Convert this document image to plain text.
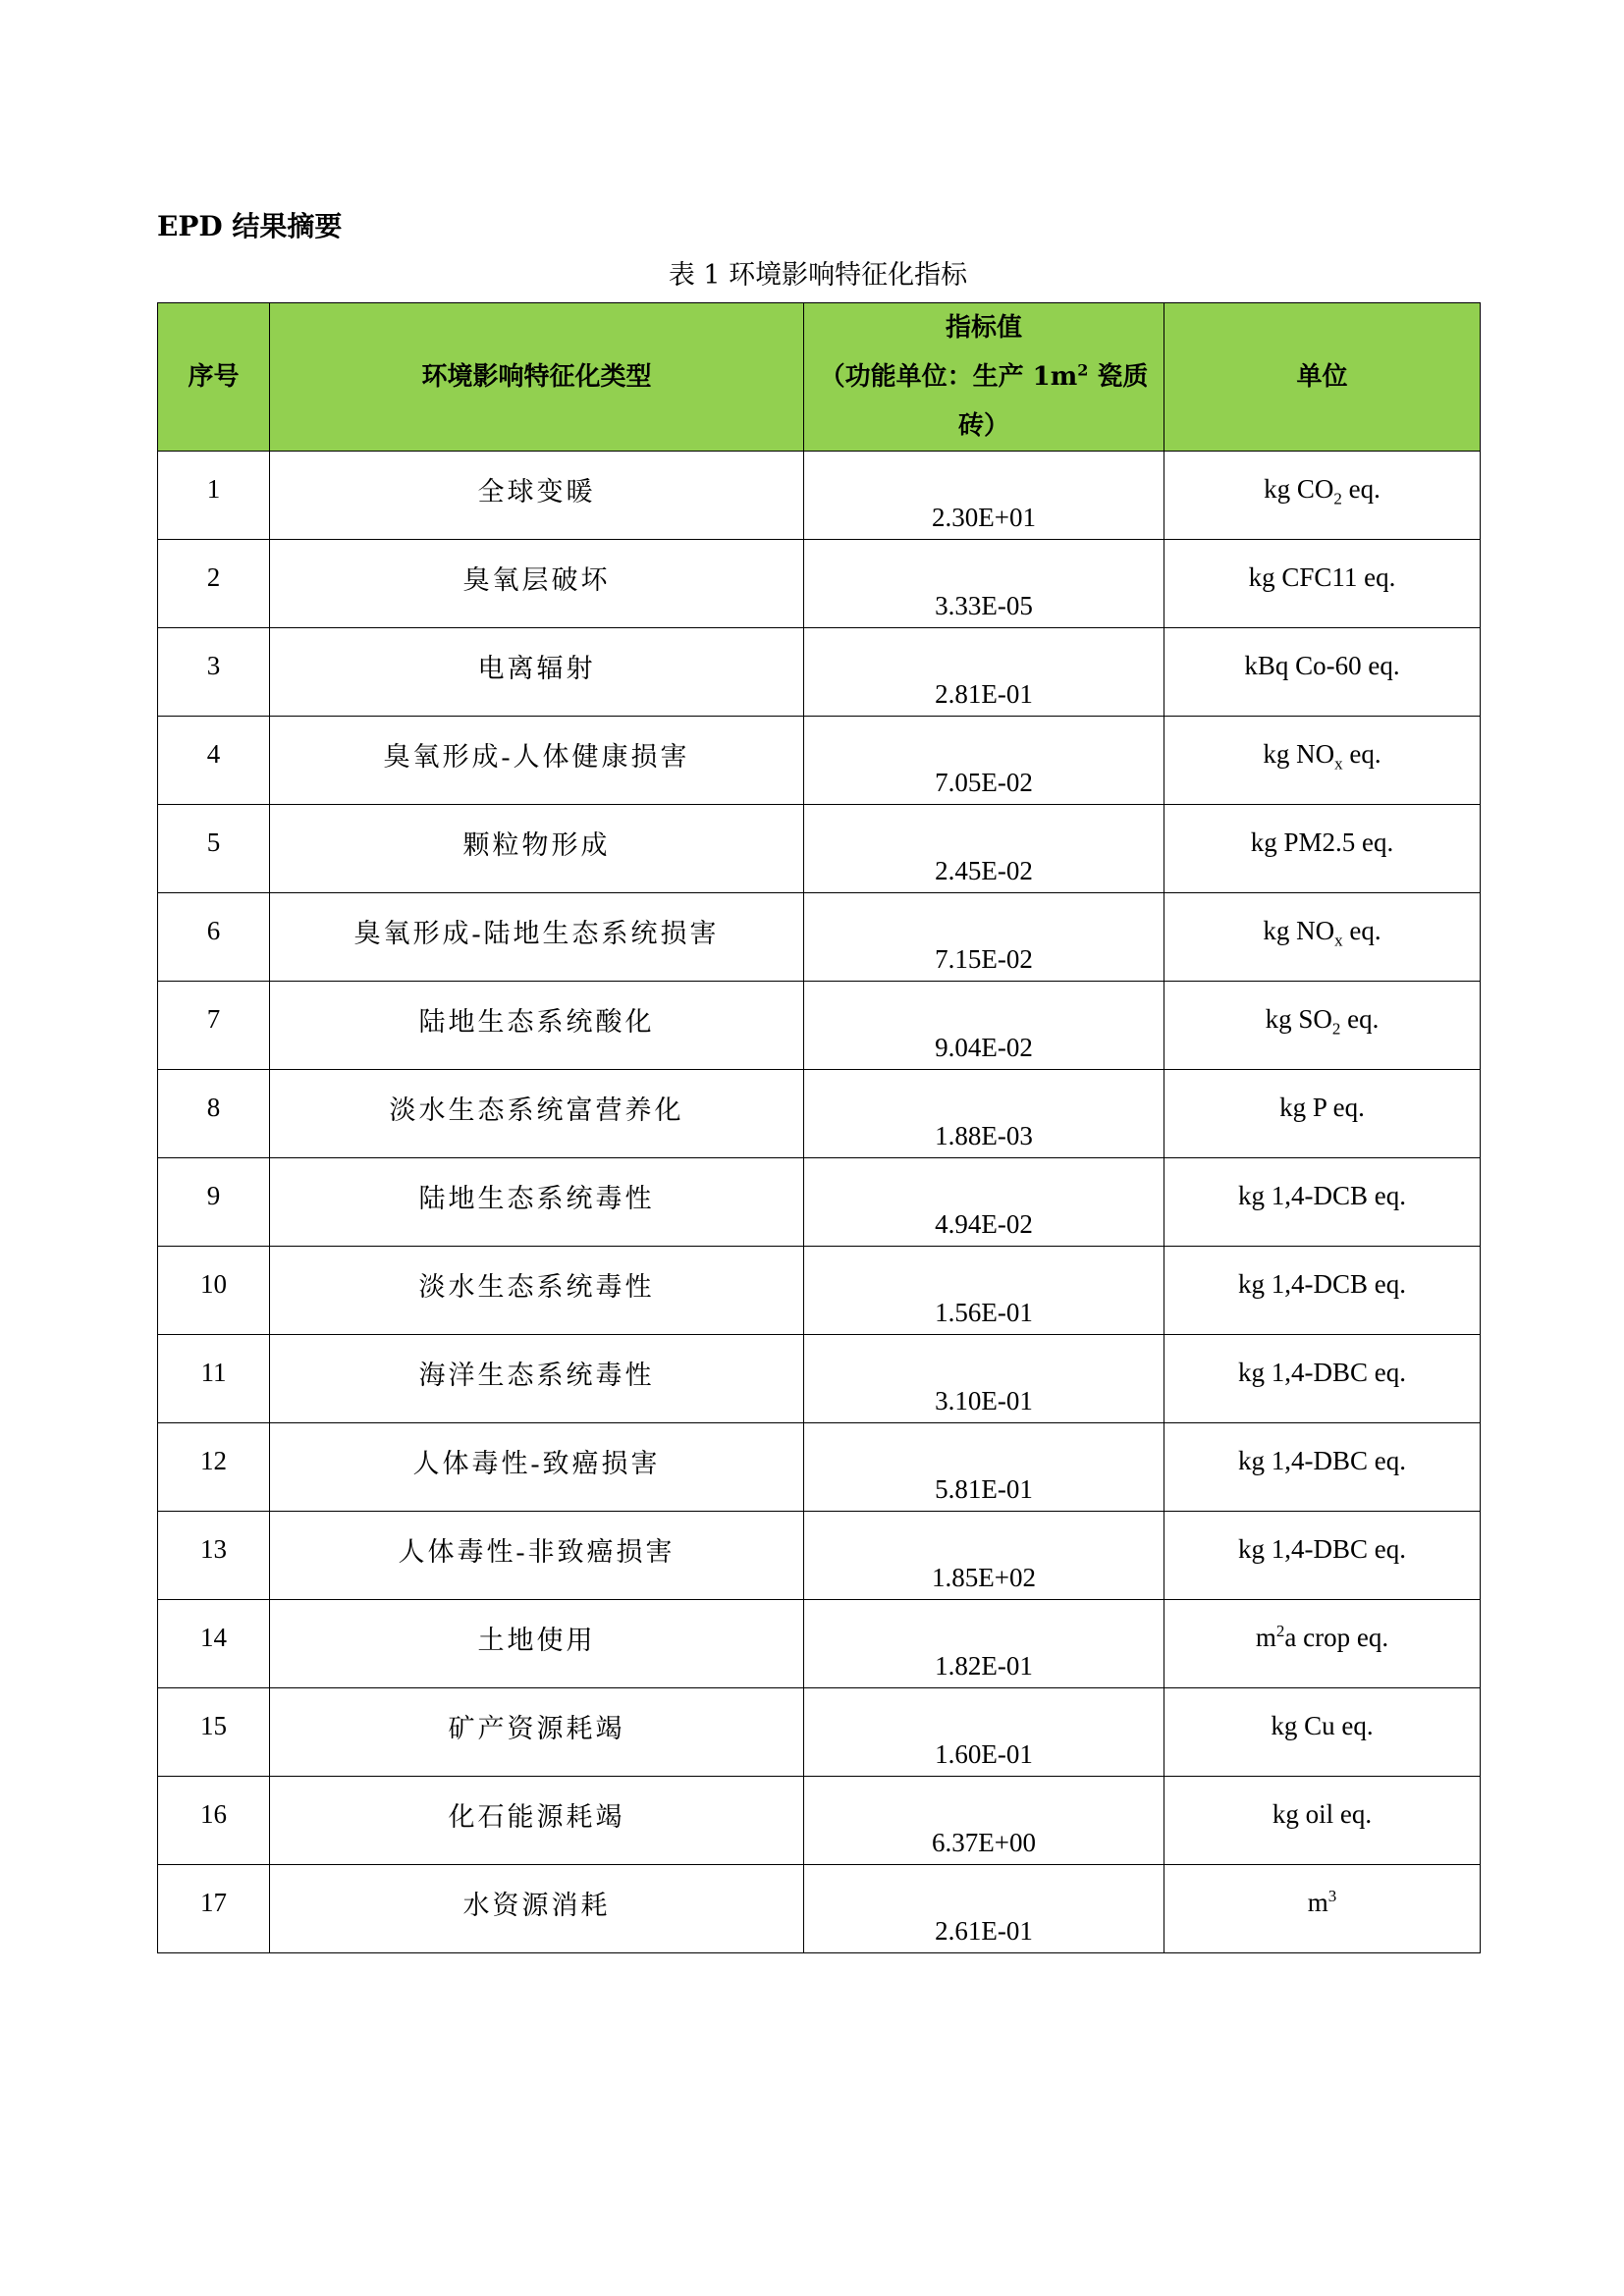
EPD 结果摘要
表 1 环境影响特征化指标
序号	环境影响特征化类型	指标值
（功能单位：生产 $1m^2$ 瓷质
砖）	单位
1	全球变暖	2.30E+01	kg $CO_2$ eq.
2	臭氧层破坏	3.33E-05	kg CFC11 eq.
3	电离辐射	2.81E-01	kBq Co-60 eq.
4	臭氧形成-人体健康损害	7.05E-02	kg $NO_x$ eq.
5	颗粒物形成	2.45E-02	kg PM2.5 eq.
6	臭氧形成-陆地生态系统损害	7.15E-02	kg $NO_x$ eq.
7	陆地生态系统酸化	9.04E-02	kg $SO_2$ eq.
8	淡水生态系统富营养化	1.88E-03	kg P eq.
9	陆地生态系统毒性	4.94E-02	kg 1,4-DCB eq.
10	淡水生态系统毒性	1.56E-01	kg 1,4-DCB eq.
11	海洋生态系统毒性	3.10E-01	kg 1,4-DBC eq.
12	人体毒性-致癌损害	5.81E-01	kg 1,4-DBC eq.
13	人体毒性-非致癌损害	1.85E+02	kg 1,4-DBC eq.
14	土地使用	1.82E-01	$m^2a$ crop eq.
15	矿产资源耗竭	1.60E-01	kg Cu eq.
16	化石能源耗竭	6.37E+00	kg oil eq.
17	水资源消耗	2.61E-01	$m^3$
